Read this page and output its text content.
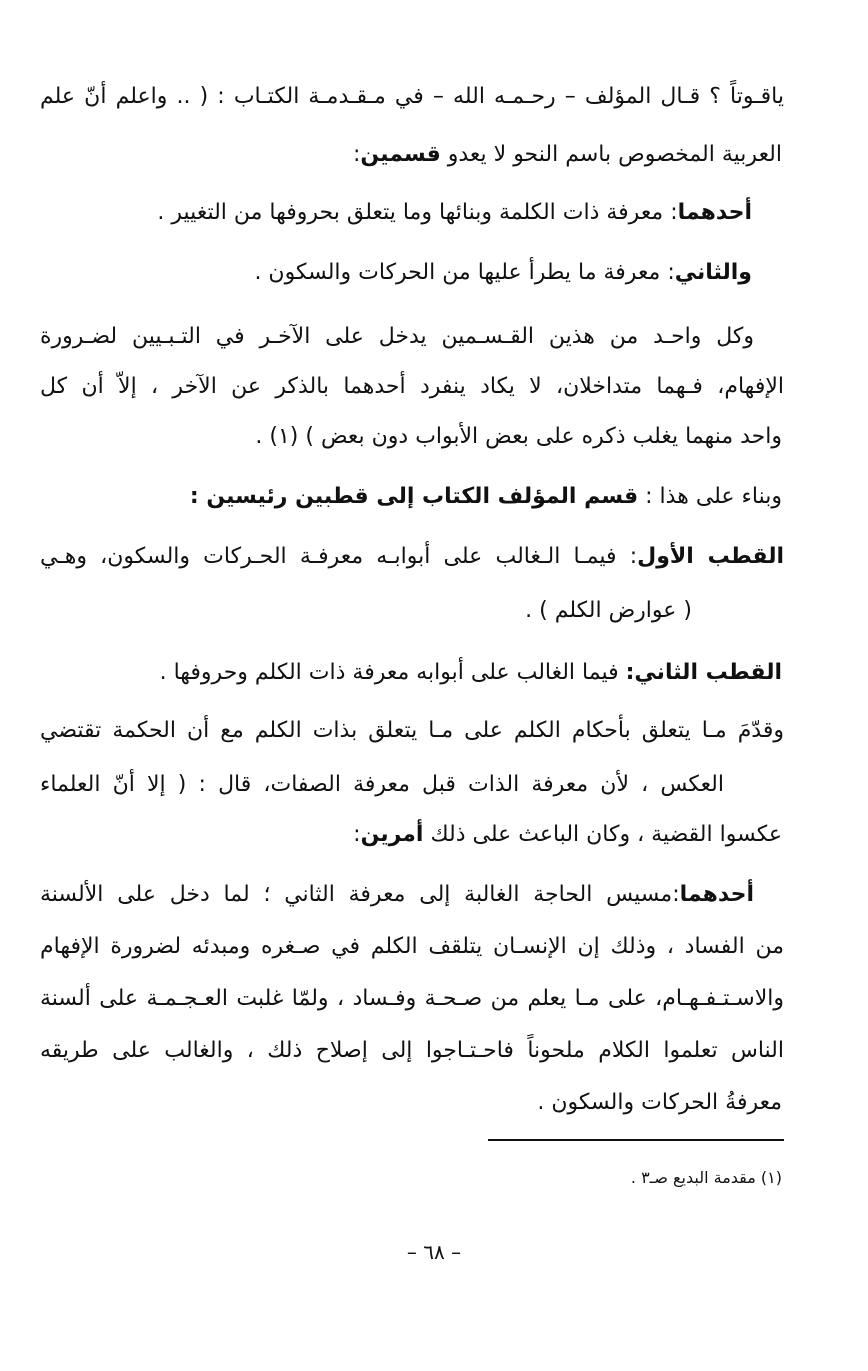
ياقـوتاً ؟ قـال المؤلف – رحـمـه الله – في مـقـدمـة الكتـاب : ( .. واعلم أنّ علم
العربية المخصوص باسم النحو لا يعدو قسمين:
أحدهما: معرفة ذات الكلمة وبنائها وما يتعلق بحروفها من التغيير .
والثاني: معرفة ما يطرأ عليها من الحركات والسكون .
وكل واحـد من هذين القـسـمين يدخل على الآخـر في التـبـيين لضـرورة
الإفهام، فـهما متداخلان، لا يكاد ينفرد أحدهما بالذكر عن الآخر ، إلاّ أن كل
واحد منهما يغلب ذكره على بعض الأبواب دون بعض ) (١) .
وبناء على هذا : قسم المؤلف الكتاب إلى قطبين رئيسين :
القطب الأول: فيمـا الـغالب على أبوابـه معرفـة الحـركات والسكون، وهـي
( عوارض الكلم ) .
القطب الثاني: فيما الغالب على أبوابه معرفة ذات الكلم وحروفها .
وقدّمَ مـا يتعلق بأحكام الكلم على مـا يتعلق بذات الكلم مع أن الحكمة تقتضي
العكس ، لأن معرفة الذات قبل معرفة الصفات، قال : ( إلا أنّ العلماء
عكسوا القضية ، وكان الباعث على ذلك أمرين:
أحدهما:مسيس الحاجة الغالبة إلى معرفة الثاني ؛ لما دخل على الألسنة
من الفساد ، وذلك إن الإنسـان يتلقف الكلم في صـغره ومبدئه لضرورة الإفهام
والاسـتـفـهـام، على مـا يعلم من صـحـة وفـساد ، ولمّا غلبت العـجـمـة على ألسنة
الناس تعلموا الكلام ملحوناً فاحـتـاجوا إلى إصلاح ذلك ، والغالب على طريقه
معرفةُ الحركات والسكون .
(١) مقدمة البديع صـ٣ .
– ٦٨ –
